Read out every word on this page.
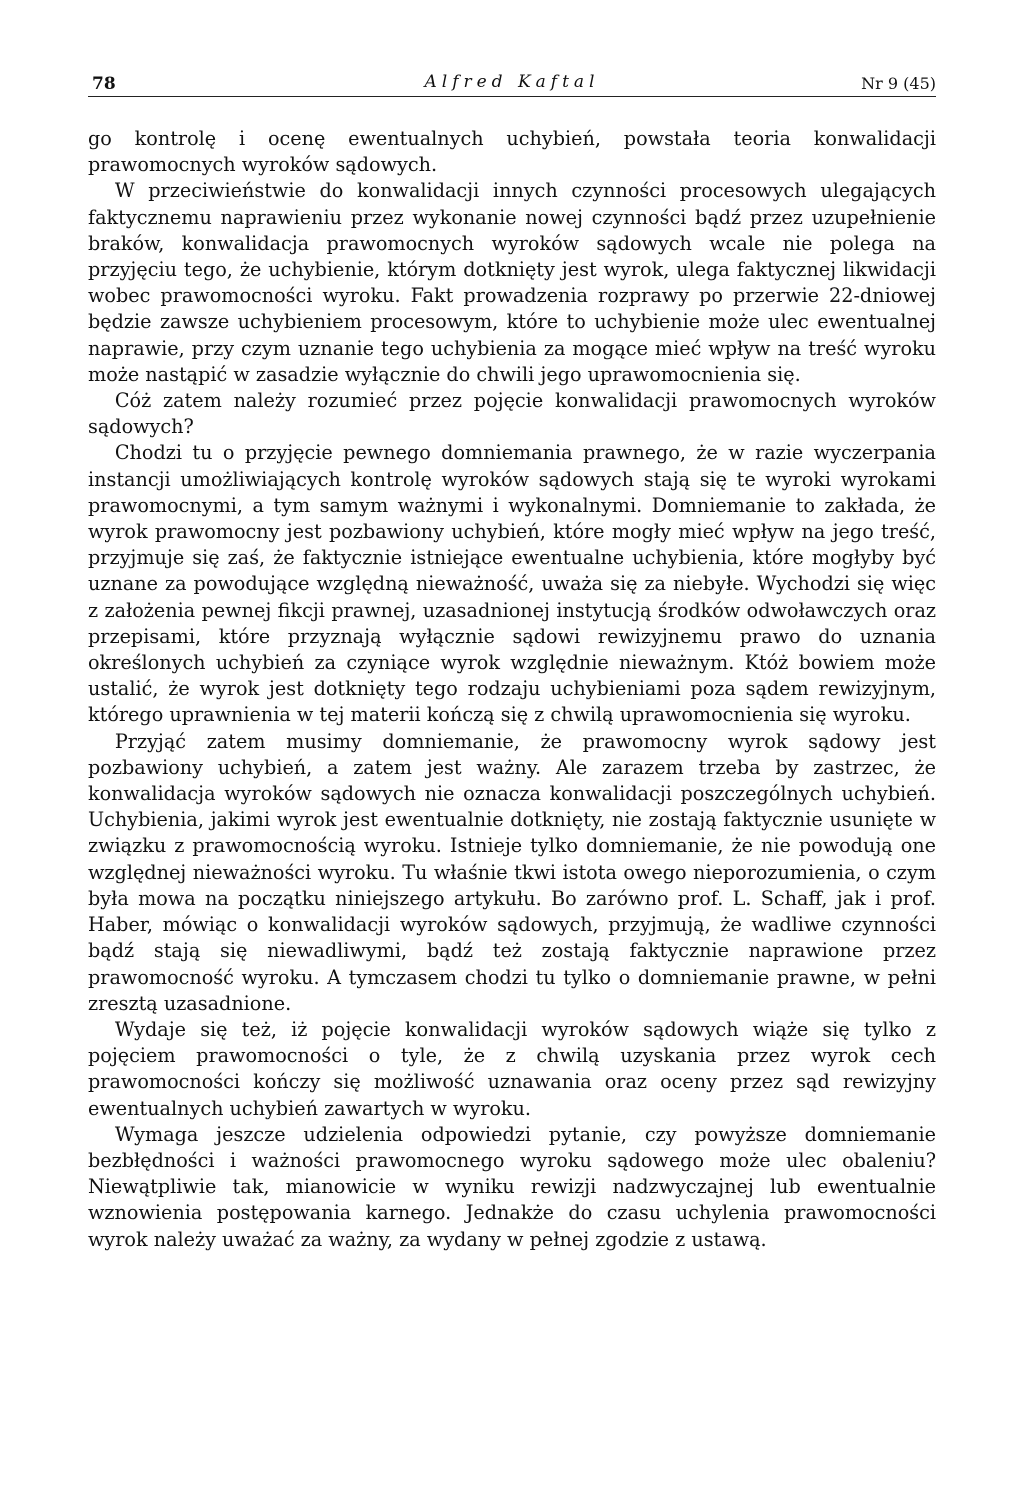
78	Alfred Kaftal	Nr 9 (45)

go kontrolę i ocenę ewentualnych uchybień, powstała teoria konwalidacji prawomocnych wyroków sądowych.

W przeciwieństwie do konwalidacji innych czynności procesowych ulegających faktycznemu naprawieniu przez wykonanie nowej czynności bądź przez uzupełnienie braków, konwalidacja prawomocnych wyroków sądowych wcale nie polega na przyjęciu tego, że uchybienie, którym dotknięty jest wyrok, ulega faktycznej likwidacji wobec prawomocności wyroku. Fakt prowadzenia rozprawy po przerwie 22-dniowej będzie zawsze uchybieniem procesowym, które to uchybienie może ulec ewentualnej naprawie, przy czym uznanie tego uchybienia za mogące mieć wpływ na treść wyroku może nastąpić w zasadzie wyłącznie do chwili jego uprawomocnienia się.

Cóż zatem należy rozumieć przez pojęcie konwalidacji prawomocnych wyroków sądowych?

Chodzi tu o przyjęcie pewnego domniemania prawnego, że w razie wyczerpania instancji umożliwiających kontrolę wyroków sądowych stają się te wyroki wyrokami prawomocnymi, a tym samym ważnymi i wykonalnymi. Domniemanie to zakłada, że wyrok prawomocny jest pozbawiony uchybień, które mogły mieć wpływ na jego treść, przyjmuje się zaś, że faktycznie istniejące ewentualne uchybienia, które mogłyby być uznane za powodujące względną nieważność, uważa się za niebyłe. Wychodzi się więc z założenia pewnej fikcji prawnej, uzasadnionej instytucją środków odwoławczych oraz przepisami, które przyznają wyłącznie sądowi rewizyjnemu prawo do uznania określonych uchybień za czyniące wyrok względnie nieważnym. Któż bowiem może ustalić, że wyrok jest dotknięty tego rodzaju uchybieniami poza sądem rewizyjnym, którego uprawnienia w tej materii kończą się z chwilą uprawomocnienia się wyroku.

Przyjąć zatem musimy domniemanie, że prawomocny wyrok sądowy jest pozbawiony uchybień, a zatem jest ważny. Ale zarazem trzeba by zastrzec, że konwalidacja wyroków sądowych nie oznacza konwalidacji poszczególnych uchybień. Uchybienia, jakimi wyrok jest ewentualnie dotknięty, nie zostają faktycznie usunięte w związku z prawomocnością wyroku. Istnieje tylko domniemanie, że nie powodują one względnej nieważności wyroku. Tu właśnie tkwi istota owego nieporozumienia, o czym była mowa na początku niniejszego artykułu. Bo zarówno prof. L. Schaff, jak i prof. Haber, mówiąc o konwalidacji wyroków sądowych, przyjmują, że wadliwe czynności bądź stają się niewadliwymi, bądź też zostają faktycznie naprawione przez prawomocność wyroku. A tymczasem chodzi tu tylko o domniemanie prawne, w pełni zresztą uzasadnione.

Wydaje się też, iż pojęcie konwalidacji wyroków sądowych wiąże się tylko z pojęciem prawomocności o tyle, że z chwilą uzyskania przez wyrok cech prawomocności kończy się możliwość uznawania oraz oceny przez sąd rewizyjny ewentualnych uchybień zawartych w wyroku.

Wymaga jeszcze udzielenia odpowiedzi pytanie, czy powyższe domniemanie bezbłędności i ważności prawomocnego wyroku sądowego może ulec obaleniu? Niewątpliwie tak, mianowicie w wyniku rewizji nadzwyczajnej lub ewentualnie wznowienia postępowania karnego. Jednakże do czasu uchylenia prawomocności wyrok należy uważać za ważny, za wydany w pełnej zgodzie z ustawą.
